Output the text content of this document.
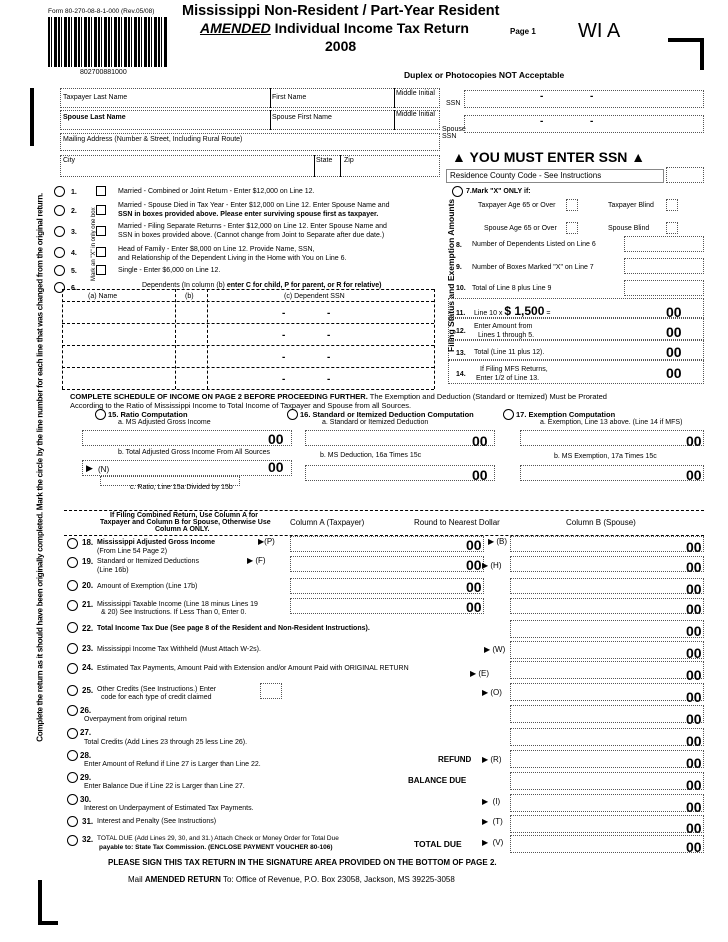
Form 80-270-08-8-1-000 (Rev.05/08)
802700881000
Mississippi Non-Resident / Part-Year Resident
AMENDED Individual Income Tax Return
2008
Page 1 WI A
Duplex or Photocopies NOT Acceptable
Complete the return as it should have been originally completed. Mark the circle by the line number for each line that was changed from the original return.
Taxpayer Last Name	First Name
Middle Initial
SSN
-	-
Spouse Last Name	Spouse First Name	Middle Initial
Spouse SSN
-	-
Mailing Address (Number & Street, Including Rural Route)
City	State Zip	▲ YOU MUST ENTER SSN ▲
Residence County Code - See Instructions
Mark an "X" in only one box
1.	Married - Combined or Joint Return - Enter $12,000 on Line 12.
2.
Married - Spouse Died in Tax Year - Enter $12,000 on Line 12. Enter Spouse Name and
SSN in boxes provided above. Please enter surviving spouse first as taxpayer.
3.
Married - Filing Separate Returns - Enter $12,000 on Line 12. Enter Spouse Name and
SSN in boxes provided above. (Cannot change from Joint to Separate after due date.)
4.
Head of Family - Enter $8,000 on Line 12. Provide Name, SSN,
and Relationship of the Dependent Living in the Home with You on Line 6.
5.	Single - Enter $6,000 on Line 12.
6.	Dependents (In column (b) enter C for child, P for parent, or R for relative)
(a) Name	(b)	(c) Dependent SSN
-	-
-	-
-	-
-	-
Filing Status and Exemption Amounts
7.Mark "X" ONLY if:
Taxpayer Age 65 or Over	Taxpayer Blind
Spouse Age 65 or Over	Spouse Blind
8. Number of Dependents Listed on Line 6
9. Number of Boxes Marked "X" on Line 7
10. Total of Line 8 plus Line 9
11. Line 10 x $ 1,500 =	00
12.
Enter Amount from
Lines 1 through 5.	00
13. Total (Line 11 plus 12).	00
14.
If Filing MFS Returns,
Enter 1/2 of Line 13.	00
COMPLETE SCHEDULE OF INCOME ON PAGE 2 BEFORE PROCEEDING FURTHER. The Exemption and Deduction (Standard or Itemized) Must be Prorated
According to the Ratio of Mississippi Income to Total Income of Taxpayer and Spouse from all Sources.
15. Ratio Computation
a. MS Adjusted Gross Income
00
b. Total Adjusted Gross Income From All Sources
▶ (N)	00
c. Ratio, Line 15a Divided by 15b
16. Standard or Itemized Deduction Computation
a. Standard or Itemized Deduction
00
b. MS Deduction, 16a Times 15c
00
17. Exemption Computation
a. Exemption, Line 13 above. (Line 14 if MFS)
00
b. MS Exemption, 17a Times 15c
00
If Filing Combined Return, Use Column A for
Taxpayer and Column B for Spouse, Otherwise Use
Column A ONLY.
Column A (Taxpayer)	Round to Nearest Dollar	Column B (Spouse)
18. Mississippi Adjusted Gross Income
(From Line 54 Page 2)
▶(P)	00 ▶ (B)	00
19. Standard or Itemized Deductions
(Line 16b)
▶ (F)	00 ▶ (H)	00
20. Amount of Exemption (Line 17b)	00	00
21. Mississippi Taxable Income (Line 18 minus Lines 19
& 20) See Instructions. If Less Than 0, Enter 0.	00	00
22. Total Income Tax Due (See page 8 of the Resident and Non-Resident Instructions).	00
23. Mississippi Income Tax Withheld (Must Attach W-2s).	▶ (W)	00
24. Estimated Tax Payments, Amount Paid with Extension and/or Amount Paid with ORIGINAL RETURN
▶ (E)	00
25. Other Credits (See Instructions.) Enter
code for each type of credit claimed
▶ (O)	00
26.
Overpayment from original return	00
27.
Total Credits (Add Lines 23 through 25 less Line 26).	00
28.
Enter Amount of Refund if Line 27 is Larger than Line 22.
REFUND ▶ (R)	00
29.
Enter Balance Due if Line 22 is Larger than Line 27.
BALANCE DUE	00
30.
Interest on Underpayment of Estimated Tax Payments.
▶  (I)	00
31. Interest and Penalty (See Instructions)	▶  (T)	00
32. TOTAL DUE (Add Lines 29, 30, and 31.) Attach Check or Money Order for Total Due
payable to: State Tax Commission. (ENCLOSE PAYMENT VOUCHER 80-106)	TOTAL DUE	▶  (V)	00
PLEASE SIGN THIS TAX RETURN IN THE SIGNATURE AREA PROVIDED ON THE BOTTOM OF PAGE 2.
Mail AMENDED RETURN To: Office of Revenue, P.O. Box 23058, Jackson, MS 39225-3058
